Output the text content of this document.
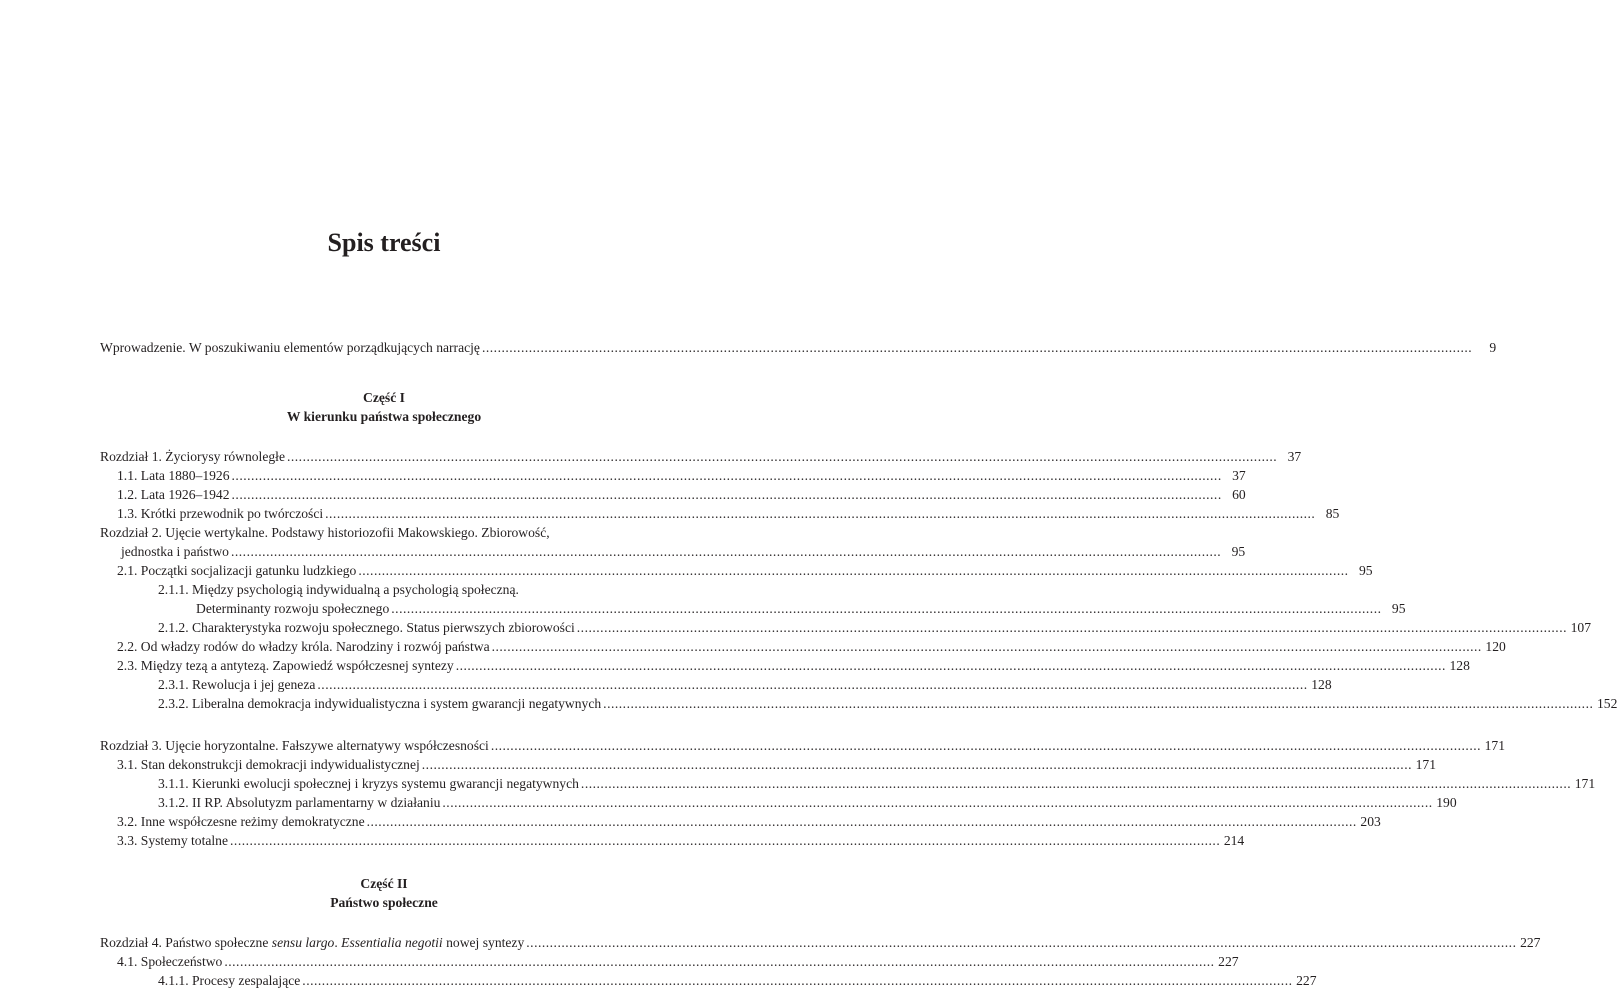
Spis treści
Wprowadzenie. W poszukiwaniu elementów porządkujących narrację .....	9
Część I
W kierunku państwa społecznego
Rozdział 1. Życiorysy równoległe .....	37
1.1. Lata 1880–1926 .....	37
1.2. Lata 1926–1942 .....	60
1.3. Krótki przewodnik po twórczości .....	85
Rozdział 2. Ujęcie wertykalne. Podstawy historiozofii Makowskiego. Zbiorowość,
jednostka i państwo .....	95
2.1. Początki socjalizacji gatunku ludzkiego .....	95
2.1.1. Między psychologią indywidualną a psychologią społeczną.
Determinanty rozwoju społecznego .....	95
2.1.2. Charakterystyka rozwoju społecznego. Status pierwszych zbiorowości .....	107
2.2. Od władzy rodów do władzy króla. Narodziny i rozwój państwa .....	120
2.3. Między tezą a antytezą. Zapowiedź współczesnej syntezy .....	128
2.3.1. Rewolucja i jej geneza .....	128
2.3.2. Liberalna demokracja indywidualistyczna i system gwarancji negatywnych .....	152
Rozdział 3. Ujęcie horyzontalne. Fałszywe alternatywy współczesności .....	171
3.1. Stan dekonstrukcji demokracji indywidualistycznej .....	171
3.1.1. Kierunki ewolucji społecznej i kryzys systemu gwarancji negatywnych .....	171
3.1.2. II RP. Absolutyzm parlamentarny w działaniu .....	190
3.2. Inne współczesne reżimy demokratyczne .....	203
3.3. Systemy totalne .....	214
Część II
Państwo społeczne
Rozdział 4. Państwo społeczne sensu largo. Essentialia negotii nowej syntezy .....	227
4.1. Społeczeństwo .....	227
4.1.1. Procesy zespalające .....	227
